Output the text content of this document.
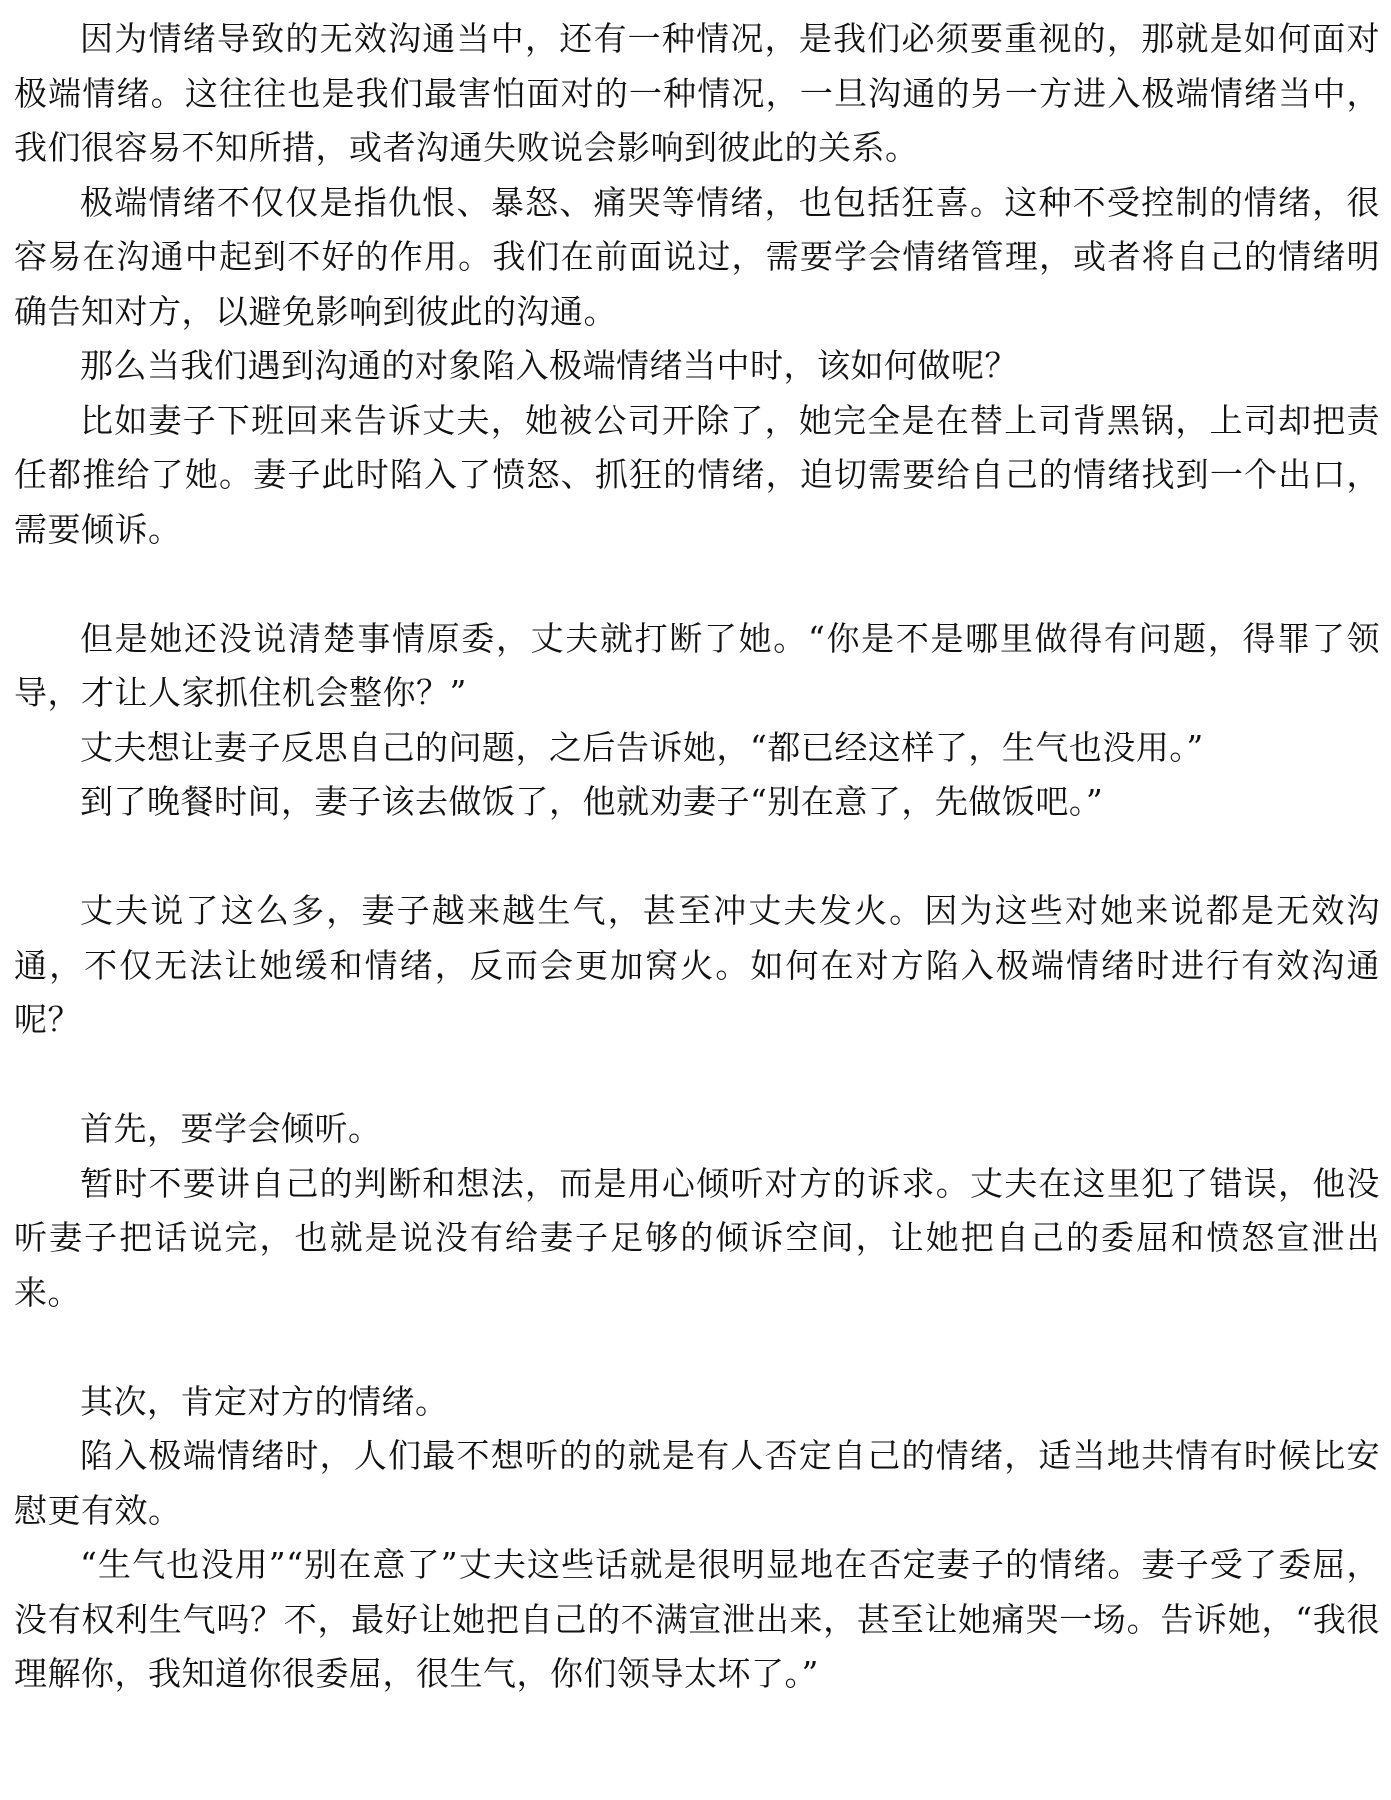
因为情绪导致的无效沟通当中，还有一种情况，是我们必须要重视的，那就是如何面对极端情绪。这往往也是我们最害怕面对的一种情况，一旦沟通的另一方进入极端情绪当中，我们很容易不知所措，或者沟通失败说会影响到彼此的关系。

极端情绪不仅仅是指仇恨、暴怒、痛哭等情绪，也包括狂喜。这种不受控制的情绪，很容易在沟通中起到不好的作用。我们在前面说过，需要学会情绪管理，或者将自己的情绪明确告知对方，以避免影响到彼此的沟通。

那么当我们遇到沟通的对象陷入极端情绪当中时，该如何做呢？

比如妻子下班回来告诉丈夫，她被公司开除了，她完全是在替上司背黑锅，上司却把责任都推给了她。妻子此时陷入了愤怒、抓狂的情绪，迫切需要给自己的情绪找到一个出口，需要倾诉。

但是她还没说清楚事情原委，丈夫就打断了她。“你是不是哪里做得有问题，得罪了领导，才让人家抓住机会整你？”

丈夫想让妻子反思自己的问题，之后告诉她，“都已经这样了，生气也没用。”

到了晚餐时间，妻子该去做饭了，他就劝妻子“别在意了，先做饭吧。”

丈夫说了这么多，妻子越来越生气，甚至冲丈夫发火。因为这些对她来说都是无效沟通，不仅无法让她缓和情绪，反而会更加窝火。如何在对方陷入极端情绪时进行有效沟通呢？

首先，要学会倾听。

暂时不要讲自己的判断和想法，而是用心倾听对方的诉求。丈夫在这里犯了错误，他没听妻子把话说完，也就是说没有给妻子足够的倾诉空间，让她把自己的委屈和愤怒宣泄出来。

其次，肯定对方的情绪。

陷入极端情绪时，人们最不想听的的就是有人否定自己的情绪，适当地共情有时候比安慰更有效。

“生气也没用”“别在意了”丈夫这些话就是很明显地在否定妻子的情绪。妻子受了委屈，没有权利生气吗？不，最好让她把自己的不满宣泄出来，甚至让她痛哭一场。告诉她，“我很理解你，我知道你很委屈，很生气，你们领导太坏了。”
